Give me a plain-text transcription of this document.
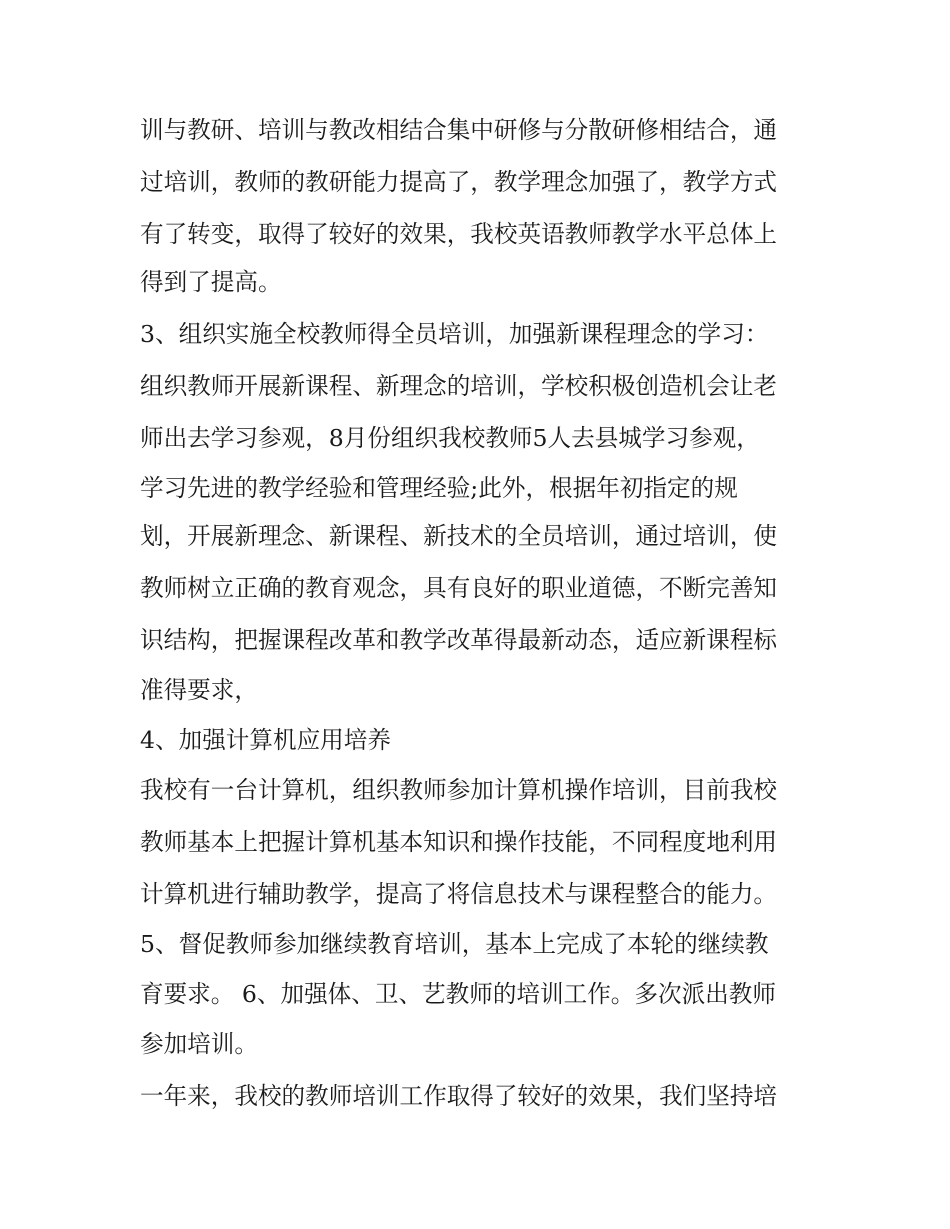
训与教研、培训与教改相结合集中研修与分散研修相结合，通
过培训，教师的教研能力提高了，教学理念加强了，教学方式
有了转变，取得了较好的效果，我校英语教师教学水平总体上
得到了提高。
3、组织实施全校教师得全员培训，加强新课程理念的学习：
组织教师开展新课程、新理念的培训，学校积极创造机会让老
师出去学习参观，8月份组织我校教师5人去县城学习参观，
学习先进的教学经验和管理经验;此外，根据年初指定的规
划，开展新理念、新课程、新技术的全员培训，通过培训，使
教师树立正确的教育观念，具有良好的职业道德，不断完善知
识结构，把握课程改革和教学改革得最新动态，适应新课程标
准得要求，
4、加强计算机应用培养
我校有一台计算机，组织教师参加计算机操作培训，目前我校
教师基本上把握计算机基本知识和操作技能，不同程度地利用
计算机进行辅助教学，提高了将信息技术与课程整合的能力。
5、督促教师参加继续教育培训，基本上完成了本轮的继续教
育要求。 6、加强体、卫、艺教师的培训工作。多次派出教师
参加培训。
一年来，我校的教师培训工作取得了较好的效果，我们坚持培
